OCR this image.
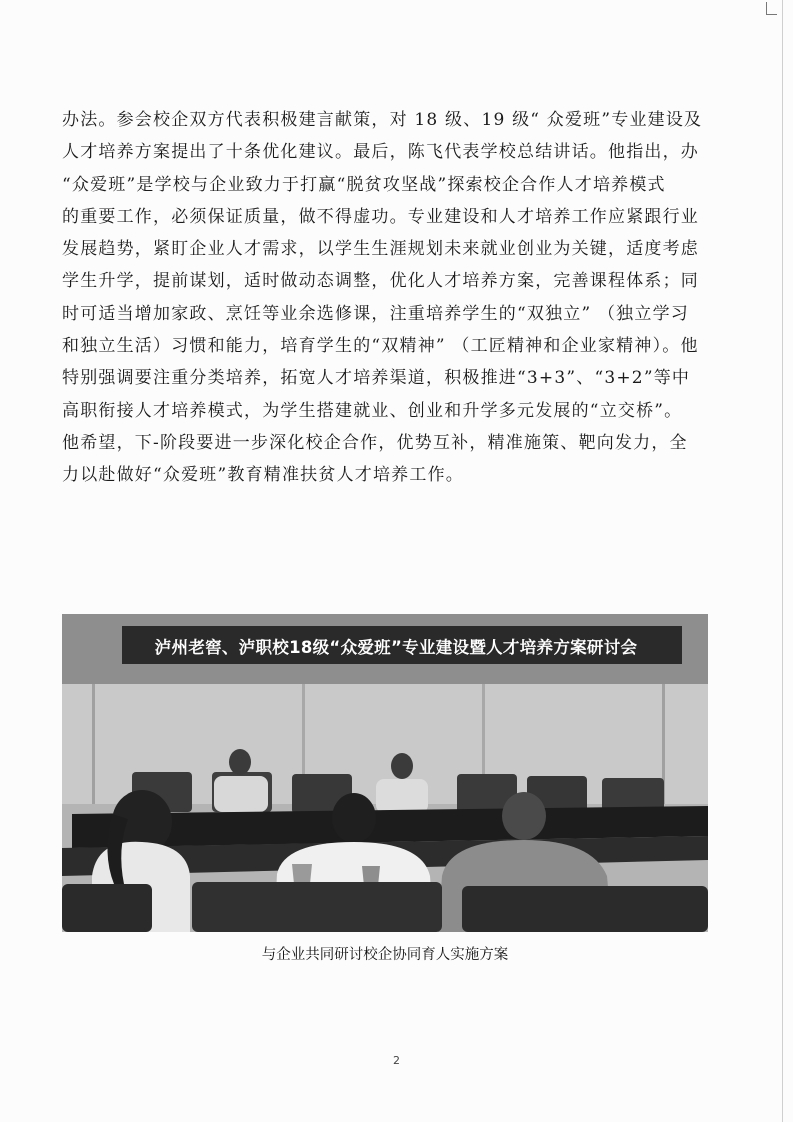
办法。参会校企双方代表积极建言献策，对 18 级、19 级“ 众爱班”专业建设及
人才培养方案提出了十条优化建议。最后，陈飞代表学校总结讲话。他指出，办
“众爱班”是学校与企业致力于打赢“脱贫攻坚战”探索校企合作人才培养模式
的重要工作，必须保证质量，做不得虚功。专业建设和人才培养工作应紧跟行业
发展趋势，紧盯企业人才需求，以学生生涯规划未来就业创业为关键，适度考虑
学生升学，提前谋划，适时做动态调整，优化人才培养方案，完善课程体系；同
时可适当增加家政、烹饪等业余选修课，注重培养学生的“双独立” （独立学习
和独立生活）习惯和能力，培育学生的“双精神” （工匠精神和企业家精神）。他
特别强调要注重分类培养，拓宽人才培养渠道，积极推进“3+3”、“3+2”等中
高职衔接人才培养模式，为学生搭建就业、创业和升学多元发展的“立交桥”。
他希望，下-阶段要进一步深化校企合作，优势互补，精准施策、靶向发力，全
力以赴做好“众爱班”教育精准扶贫人才培养工作。
泸州老窖、泸职校18级“众爱班”专业建设暨人才培养方案研讨会
与企业共同研讨校企协同育人实施方案
2
